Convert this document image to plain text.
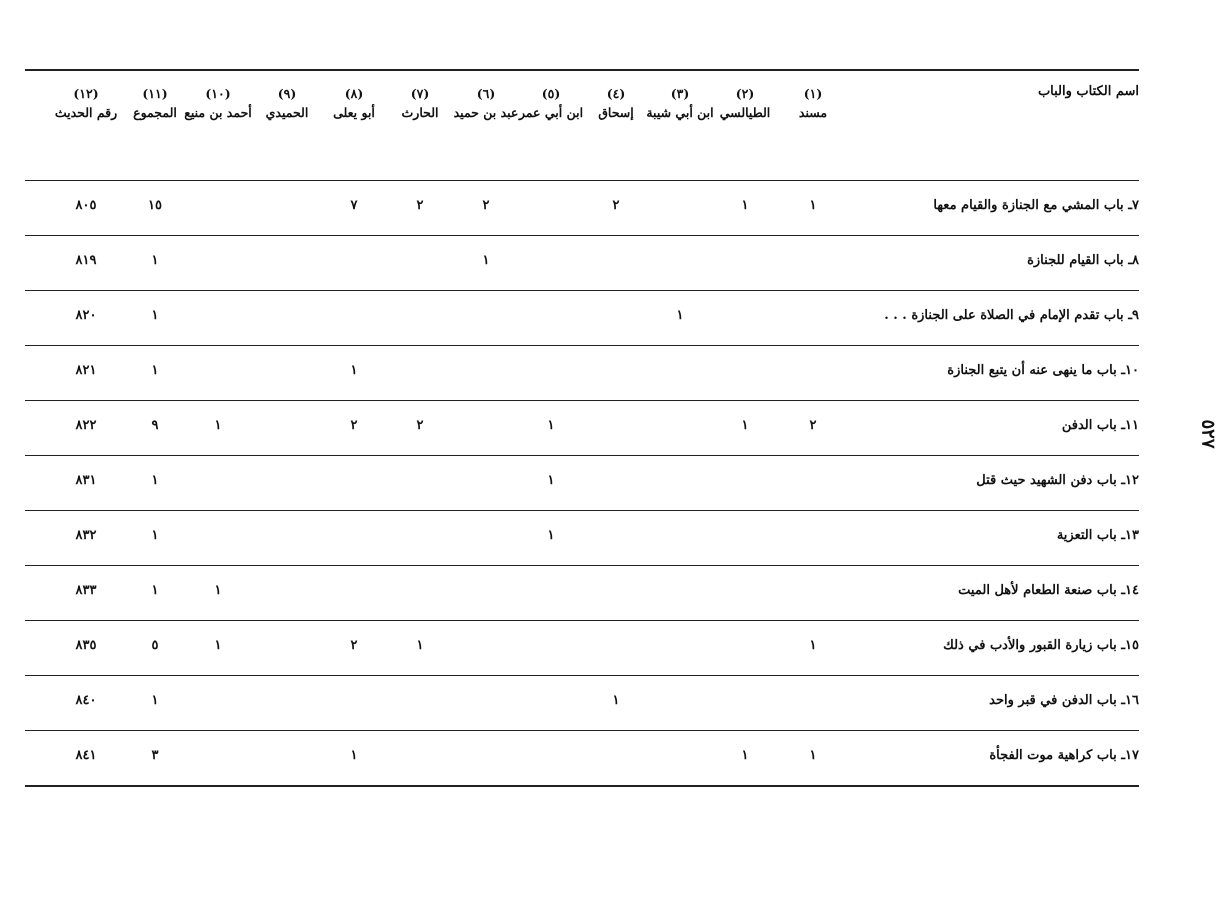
اسم الكتاب والباب
(١)
مسند
(٢)
الطيالسي
(٣)
ابن أبي شيبة
(٤)
إسحاق
(٥)
ابن أبي عمر
(٦)
عبد بن حميد
(٧)
الحارث
(٨)
أبو يعلى
(٩)
الحميدي
(١٠)
أحمد بن منيع
(١١)
المجموع
(١٢)
رقم الحديث
٧ـ باب المشي مع الجنازة والقيام معها
١
١
٢
٢
٢
٧
١٥
٨٠٥
٨ـ باب القيام للجنازة
١
١
٨١٩
٩ـ باب تقدم الإمام في الصلاة على الجنازة . . .
١
١
٨٢٠
١٠ـ باب ما ينهى عنه أن يتبع الجنازة
١
١
٨٢١
١١ـ باب الدفن
٢
١
١
٢
٢
١
٩
٨٢٢
١٢ـ باب دفن الشهيد حيث قتل
١
١
٨٣١
١٣ـ باب التعزية
١
١
٨٣٢
١٤ـ باب صنعة الطعام لأهل الميت
١
١
٨٣٣
١٥ـ باب زيارة القبور والأدب في ذلك
١
١
٢
١
٥
٨٣٥
١٦ـ باب الدفن في قبر واحد
١
١
٨٤٠
١٧ـ باب كراهية موت الفجأة
١
١
١
٣
٨٤١
٥٢٧
